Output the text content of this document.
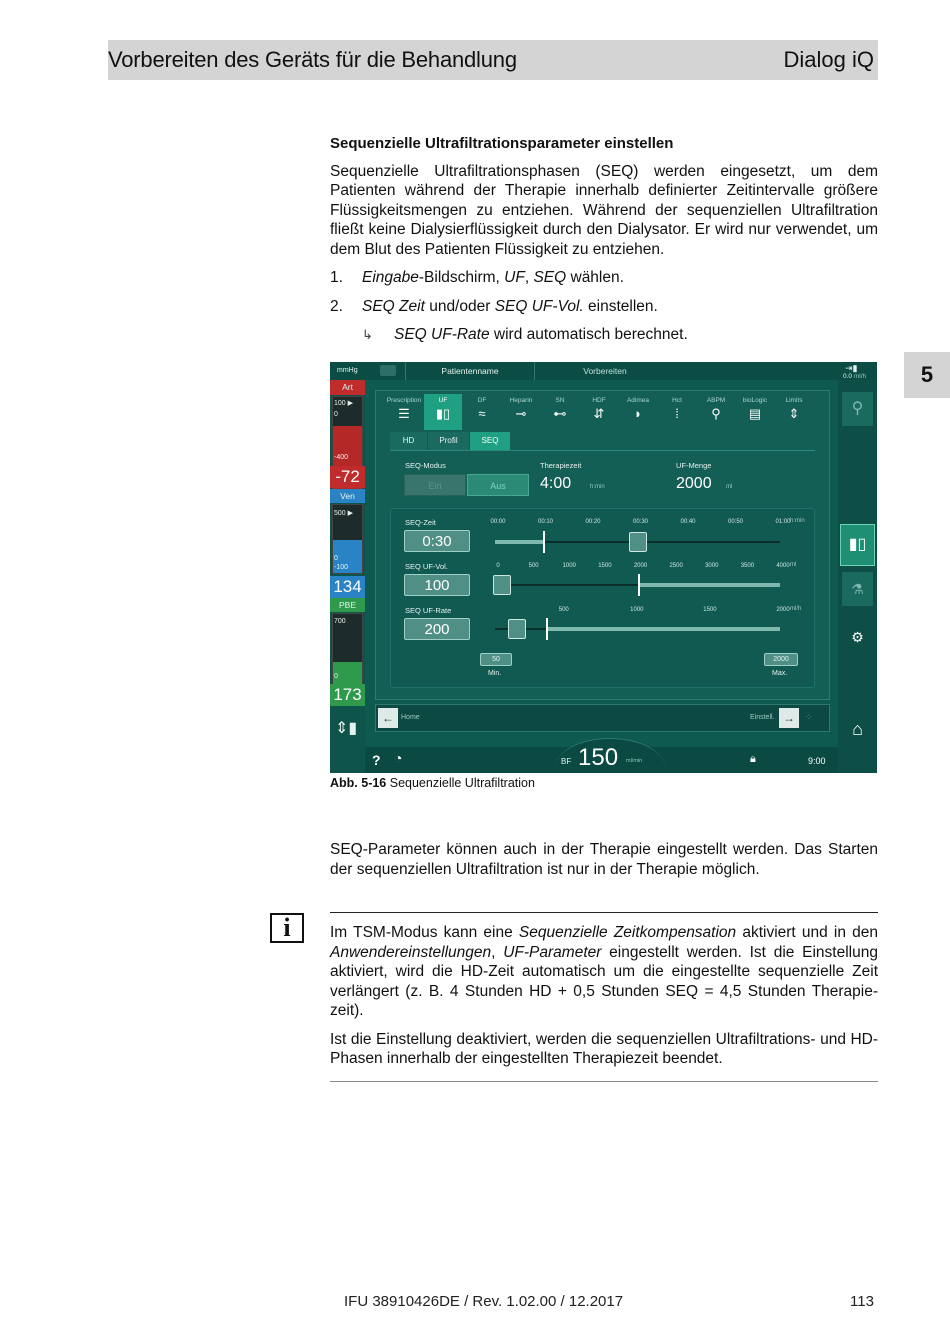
Vorbereiten des Geräts für die Behandlung	Dialog iQ
5
Sequenzielle Ultrafiltrationsparameter einstellen

Sequenzielle Ultrafiltrationsphasen (SEQ) werden eingesetzt, um dem Patienten während der Therapie innerhalb definierter Zeitintervalle größere Flüssigkeitsmengen zu entziehen. Während der sequenziellen Ultrafiltration fließt keine Dialysierflüssigkeit durch den Dialysator. Er wird nur verwendet, um dem Blut des Patienten Flüssigkeit zu entziehen.

1.	Eingabe-Bildschirm, UF, SEQ wählen.
2.	SEQ Zeit und/oder SEQ UF-Vol. einstellen.
↳	SEQ UF-Rate wird automatisch berechnet.
mmHg	Patientenname	Vorbereiten	⇥▮
0.0 ml/h
Art
100 ▶
0
-400
-72
Ven
500 ▶
0
-100
134
PBE
700
0
173
⇕▮
⚲
▮▯
⚗
⚙
⌂
Prescription
☰
UF
▮▯
DF
≈
Heparin
⊸
SN
⊷
HDF
⇵
Adimea
◗
Hct
⁞
ABPM
⚲
bioLogic
▤
Limits
⇕
HD	Profil	SEQ
SEQ-Modus
Ein	Aus
Therapiezeit
4:00	h:min
UF-Menge
2000 ml
SEQ-Zeit
0:30
SEQ UF-Vol.
100
SEQ UF-Rate
200
00:00	00:10	00:20	00:30	00:40	00:50	01:00 h:min
0	500	1000	1500	2000	2500	3000	3500	4000 ml
500	1000	1500	2000 ml/h
50
Min.
2000
Max.
←	Home	Einstell. →	⁘
? ◔	BF 150 ml/min	🔒︎	9:00
Abb. 5-16 Sequenzielle Ultrafiltration

SEQ-Parameter können auch in der Therapie eingestellt werden. Das Starten der sequenziellen Ultrafiltration ist nur in der Therapie möglich.

i	Im TSM-Modus kann eine Sequenzielle Zeitkompensation aktiviert und in den Anwendereinstellungen, UF-Parameter eingestellt werden. Ist die Einstellung aktiviert, wird die HD-Zeit automatisch um die eingestellte sequenzielle Zeit verlängert (z. B. 4 Stunden HD + 0,5 Stunden SEQ = 4,5 Stunden Therapie-zeit).

Ist die Einstellung deaktiviert, werden die sequenziellen Ultrafiltrations- und HD-Phasen innerhalb der eingestellten Therapiezeit beendet.

IFU 38910426DE / Rev. 1.02.00 / 12.2017	113
